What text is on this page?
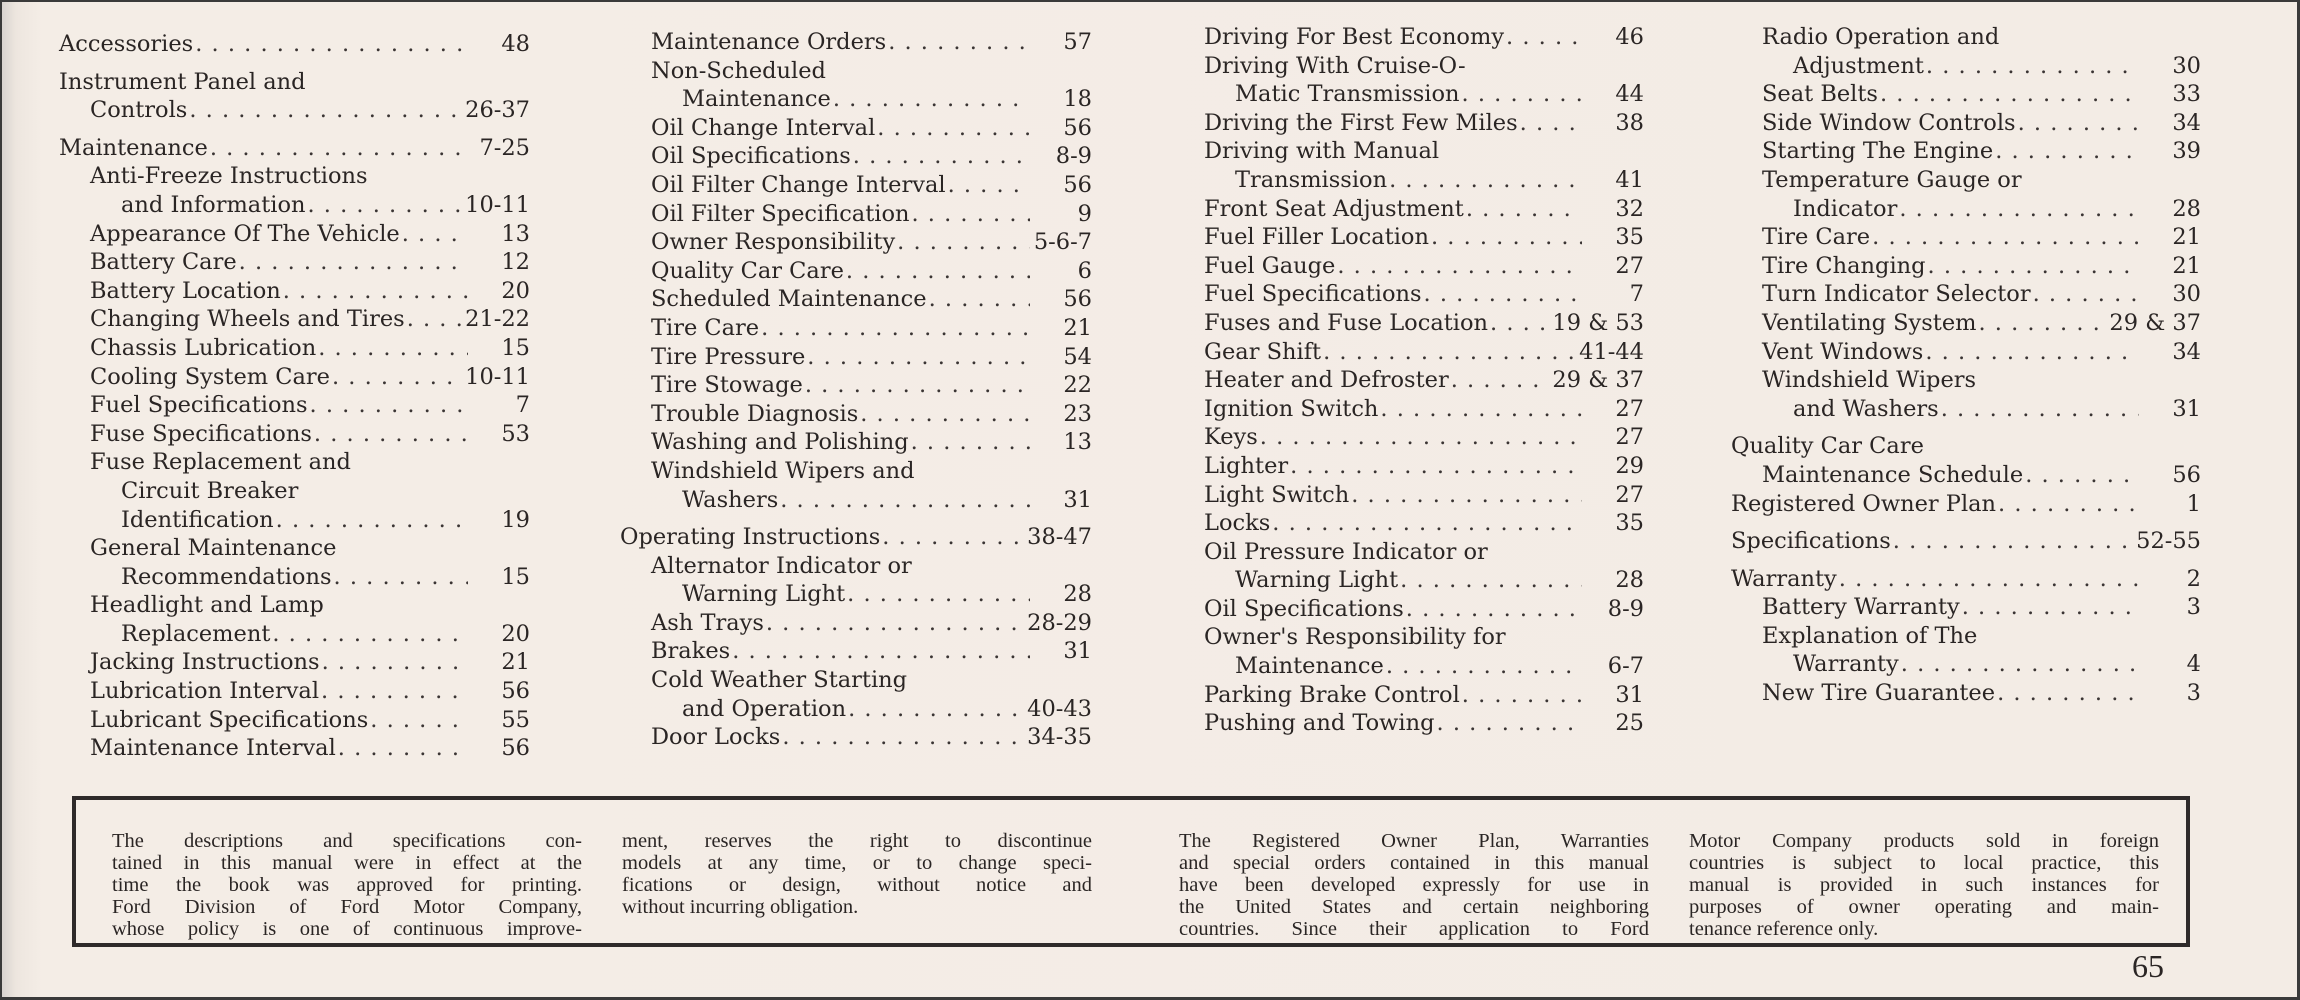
Accessories . . .	48
Instrument Panel and
Controls . . .	26-37
Maintenance . . .	7-25
Anti-Freeze Instructions
and Information . . .	10-11
Appearance Of The Vehicle . . .	13
Battery Care . . .	12
Battery Location . . .	20
Changing Wheels and Tires . . .	21-22
Chassis Lubrication . . .	15
Cooling System Care . . .	10-11
Fuel Specifications . . .	7
Fuse Specifications . . .	53
Fuse Replacement and
Circuit Breaker
Identification . . .	19
General Maintenance
Recommendations . . .	15
Headlight and Lamp
Replacement . . .	20
Jacking Instructions . . .	21
Lubrication Interval . . .	56
Lubricant Specifications . . .	55
Maintenance Interval . . .	56
Maintenance Orders . . .	57
Non-Scheduled
Maintenance . . .	18
Oil Change Interval . . .	56
Oil Specifications . . .	8-9
Oil Filter Change Interval . . .	56
Oil Filter Specification . . .	9
Owner Responsibility . . .	5-6-7
Quality Car Care . . .	6
Scheduled Maintenance . . .	56
Tire Care . . .	21
Tire Pressure . . .	54
Tire Stowage . . .	22
Trouble Diagnosis . . .	23
Washing and Polishing . . .	13
Windshield Wipers and
Washers . . .	31
Operating Instructions . . .	38-47
Alternator Indicator or
Warning Light . . .	28
Ash Trays . . .	28-29
Brakes . . .	31
Cold Weather Starting
and Operation . . .	40-43
Door Locks . . .	34-35
Driving For Best Economy . . .	46
Driving With Cruise-O-
Matic Transmission . . .	44
Driving the First Few Miles . . .	38
Driving with Manual
Transmission . . .	41
Front Seat Adjustment . . .	32
Fuel Filler Location . . .	35
Fuel Gauge . . .	27
Fuel Specifications . . .	7
Fuses and Fuse Location . . .	19 & 53
Gear Shift . . .	41-44
Heater and Defroster . . .	29 & 37
Ignition Switch . . .	27
Keys . . .	27
Lighter . . .	29
Light Switch . . .	27
Locks . . .	35
Oil Pressure Indicator or
Warning Light . . .	28
Oil Specifications . . .	8-9
Owner's Responsibility for
Maintenance . . .	6-7
Parking Brake Control . . .	31
Pushing and Towing . . .	25
Radio Operation and
Adjustment . . .	30
Seat Belts . . .	33
Side Window Controls . . .	34
Starting The Engine . . .	39
Temperature Gauge or
Indicator . . .	28
Tire Care . . .	21
Tire Changing . . .	21
Turn Indicator Selector . . .	30
Ventilating System . . .	29 & 37
Vent Windows . . .	34
Windshield Wipers
and Washers . . .	31
Quality Car Care
Maintenance Schedule . . .	56
Registered Owner Plan . . .	1
Specifications . . .	52-55
Warranty . . .	2
Battery Warranty . . .	3
Explanation of The
Warranty . . .	4
New Tire Guarantee . . .	3
The descriptions and specifications con-
tained in this manual were in effect at the
time the book was approved for printing.
Ford Division of Ford Motor Company,
whose policy is one of continuous improve-
ment, reserves the right to discontinue
models at any time, or to change speci-
fications or design, without notice and
without incurring obligation.
The Registered Owner Plan, Warranties
and special orders contained in this manual
have been developed expressly for use in
the United States and certain neighboring
countries. Since their application to Ford
Motor Company products sold in foreign
countries is subject to local practice, this
manual is provided in such instances for
purposes of owner operating and main-
tenance reference only.
65
